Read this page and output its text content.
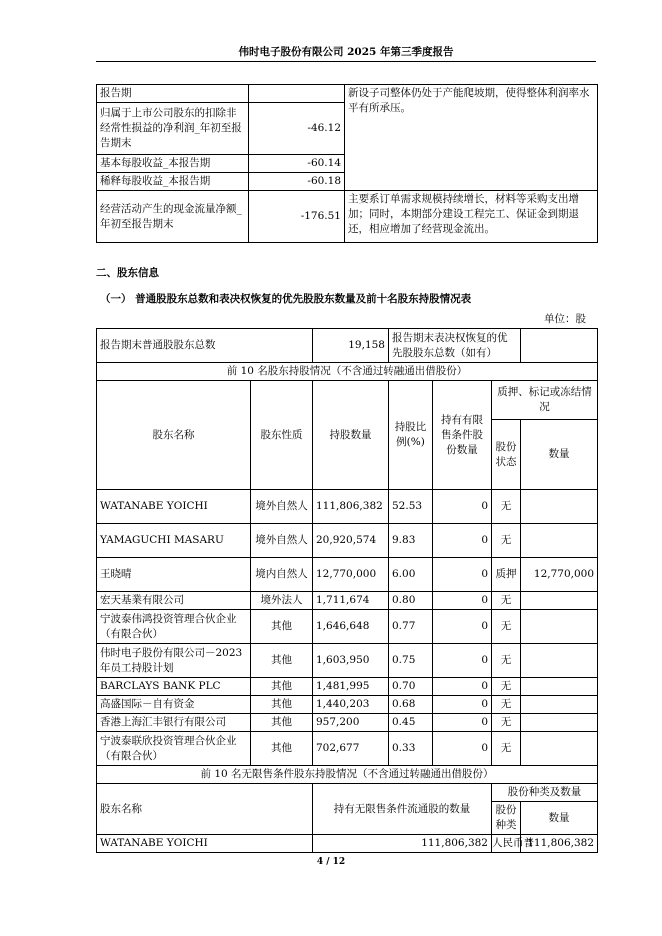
伟时电子股份有限公司 2025 年第三季度报告
报告期		新设子司整体仍处于产能爬坡期，使得整体利润率水平有所承压。
归属于上市公司股东的扣除非经常性损益的净利润_年初至报告期末	-46.12	
基本每股收益_本报告期	-60.14	
稀释每股收益_本报告期	-60.18	
经营活动产生的现金流量净额_年初至报告期末	-176.51	主要系订单需求规模持续增长，材料等采购支出增加；同时，本期部分建设工程完工、保证金到期退还，相应增加了经营现金流出。
二、股东信息
（一） 普通股股东总数和表决权恢复的优先股股东数量及前十名股东持股情况表
单位：股
报告期末普通股股东总数		19,158	报告期末表决权恢复的优先股股东总数（如有）			
前 10 名股东持股情况（不含通过转融通出借股份）						
股东名称	股东性质	持股数量	持股比例(%)	持有有限售条件股份数量	质押、标记或冻结情况	
					股份状态	数量
WATANABE YOICHI	境外自然人	111,806,382	52.53	0	无	
YAMAGUCHI MASARU	境外自然人	20,920,574	9.83	0	无	
王晓晴	境内自然人	12,770,000	6.00	0	质押	12,770,000
宏天基業有限公司	境外法人	1,711,674	0.80	0	无	
宁波泰伟鸿投资管理合伙企业（有限合伙）	其他	1,646,648	0.77	0	无	
伟时电子股份有限公司－2023 年员工持股计划	其他	1,603,950	0.75	0	无	
BARCLAYS BANK PLC	其他	1,481,995	0.70	0	无	
高盛国际－自有资金	其他	1,440,203	0.68	0	无	
香港上海汇丰银行有限公司	其他	957,200	0.45	0	无	
宁波泰联欣投资管理合伙企业（有限合伙）	其他	702,677	0.33	0	无	
前 10 名无限售条件股东持股情况（不含通过转融通出借股份）						
股东名称		持有无限售条件流通股的数量			股份种类及数量	
					股份种类	数量
WATANABE YOICHI		111,806,382			人民币普	111,806,382
4 / 12
